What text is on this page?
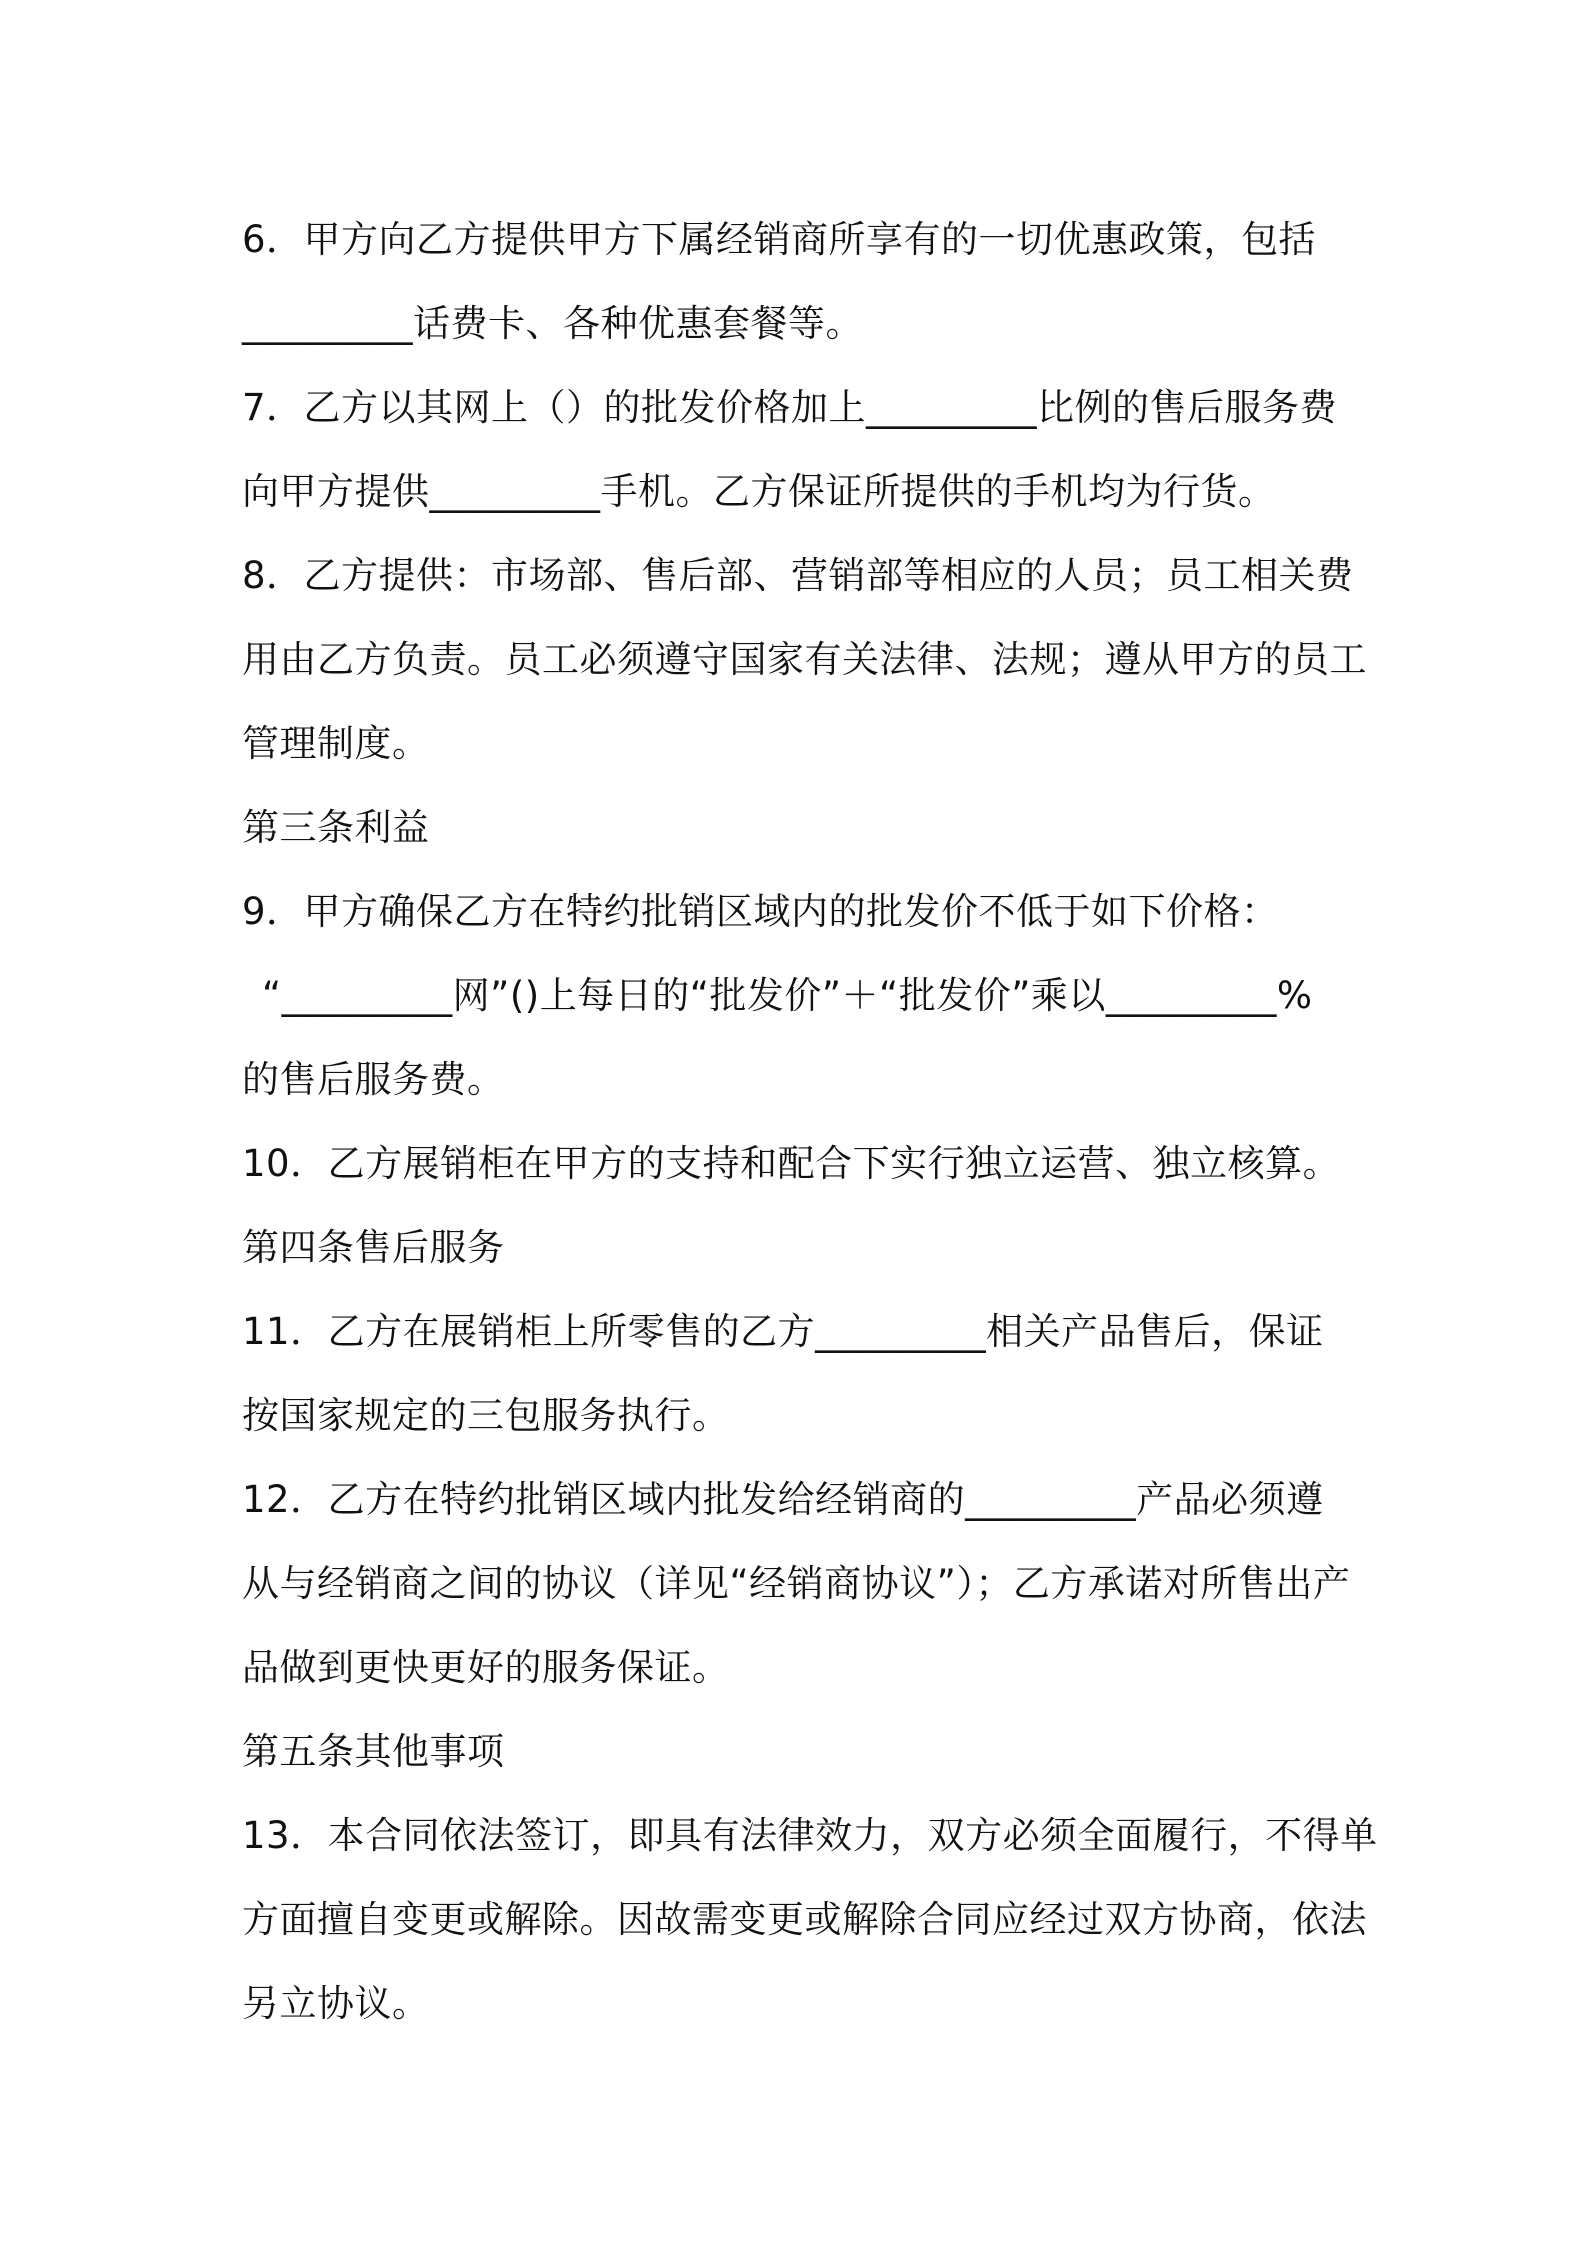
6．甲方向乙方提供甲方下属经销商所享有的一切优惠政策，包括
_________话费卡、各种优惠套餐等。
7．乙方以其网上（）的批发价格加上_________比例的售后服务费
向甲方提供_________手机。乙方保证所提供的手机均为行货。
8．乙方提供：市场部、售后部、营销部等相应的人员；员工相关费
用由乙方负责。员工必须遵守国家有关法律、法规；遵从甲方的员工
管理制度。
第三条利益
9．甲方确保乙方在特约批销区域内的批发价不低于如下价格：
“_________网”()上每日的“批发价”＋“批发价”乘以_________%
的售后服务费。
10．乙方展销柜在甲方的支持和配合下实行独立运营、独立核算。
第四条售后服务
11．乙方在展销柜上所零售的乙方_________相关产品售后，保证
按国家规定的三包服务执行。
12．乙方在特约批销区域内批发给经销商的_________产品必须遵
从与经销商之间的协议（详见“经销商协议”）；乙方承诺对所售出产
品做到更快更好的服务保证。
第五条其他事项
13．本合同依法签订，即具有法律效力，双方必须全面履行，不得单
方面擅自变更或解除。因故需变更或解除合同应经过双方协商，依法
另立协议。
